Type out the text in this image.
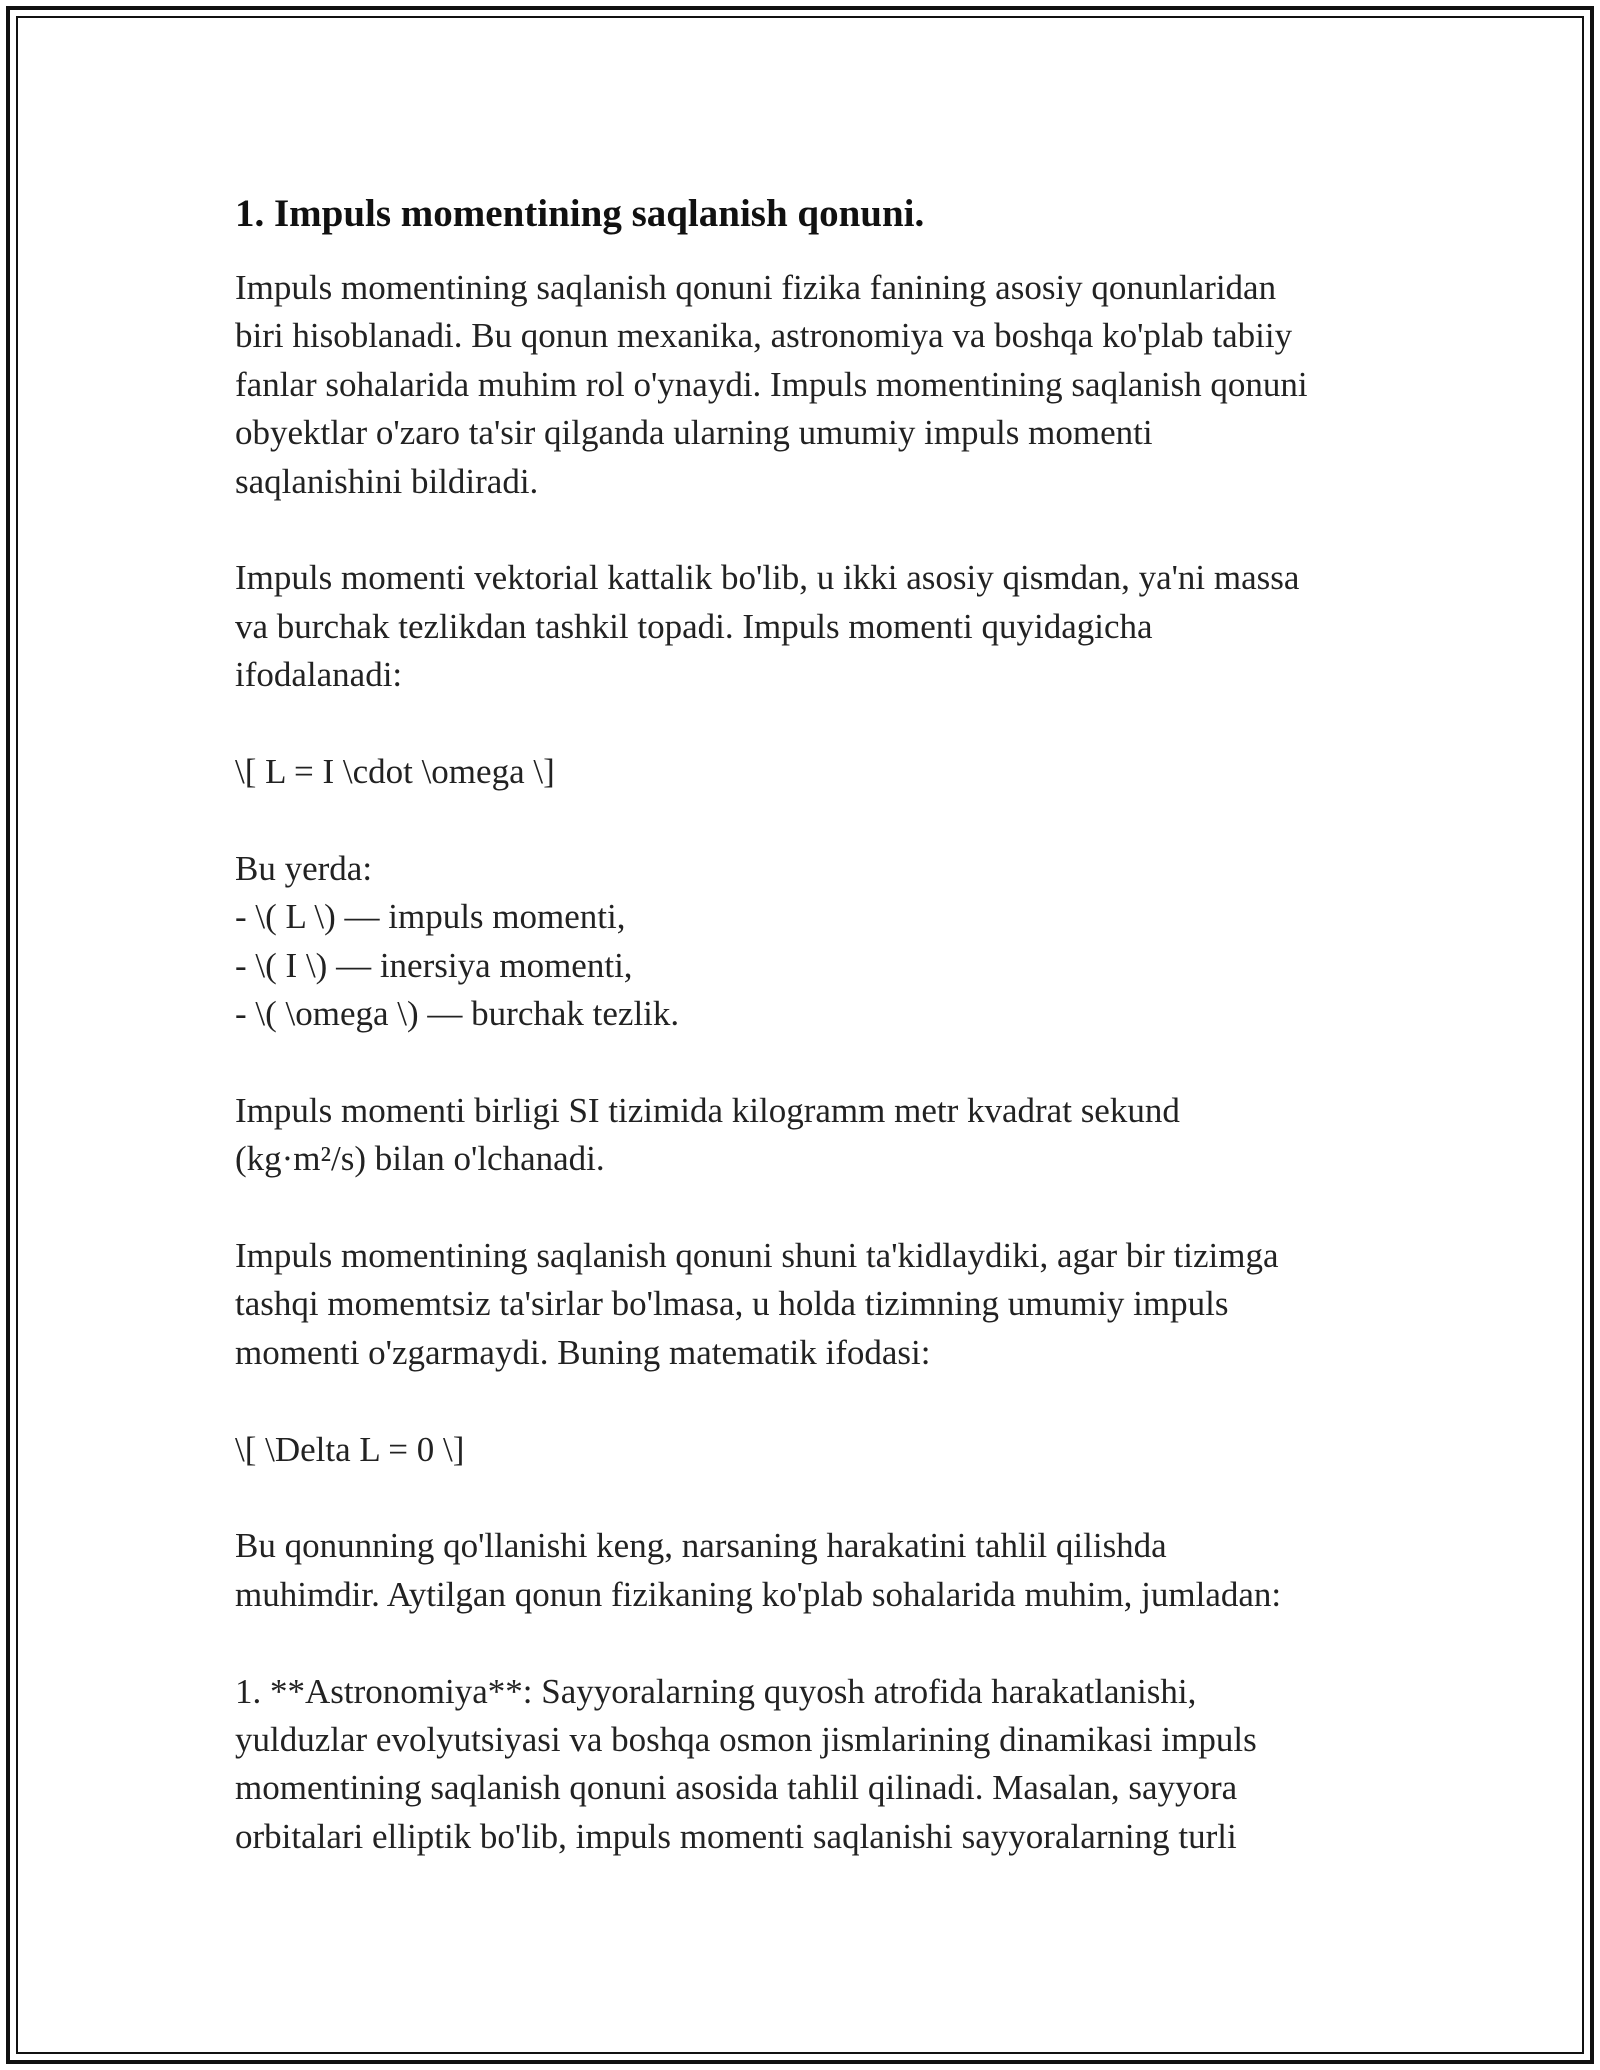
1. Impuls momentining saqlanish qonuni.
Impuls momentining saqlanish qonuni fizika fanining asosiy qonunlaridan
biri hisoblanadi. Bu qonun mexanika, astronomiya va boshqa ko'plab tabiiy
fanlar sohalarida muhim rol o'ynaydi. Impuls momentining saqlanish qonuni
obyektlar o'zaro ta'sir qilganda ularning umumiy impuls momenti
saqlanishini bildiradi.
Impuls momenti vektorial kattalik bo'lib, u ikki asosiy qismdan, ya'ni massa
va burchak tezlikdan tashkil topadi. Impuls momenti quyidagicha
ifodalanadi:
\[ L = I \cdot \omega \]
Bu yerda:
- \( L \) — impuls momenti,
- \( I \) — inersiya momenti,
- \( \omega \) — burchak tezlik.
Impuls momenti birligi SI tizimida kilogramm metr kvadrat sekund
(kg·m²/s) bilan o'lchanadi.
Impuls momentining saqlanish qonuni shuni ta'kidlaydiki, agar bir tizimga
tashqi momemtsiz ta'sirlar bo'lmasa, u holda tizimning umumiy impuls
momenti o'zgarmaydi. Buning matematik ifodasi:
\[ \Delta L = 0 \]
Bu qonunning qo'llanishi keng, narsaning harakatini tahlil qilishda
muhimdir. Aytilgan qonun fizikaning ko'plab sohalarida muhim, jumladan:
1. **Astronomiya**: Sayyoralarning quyosh atrofida harakatlanishi,
yulduzlar evolyutsiyasi va boshqa osmon jismlarining dinamikasi impuls
momentining saqlanish qonuni asosida tahlil qilinadi. Masalan, sayyora
orbitalari elliptik bo'lib, impuls momenti saqlanishi sayyoralarning turli
